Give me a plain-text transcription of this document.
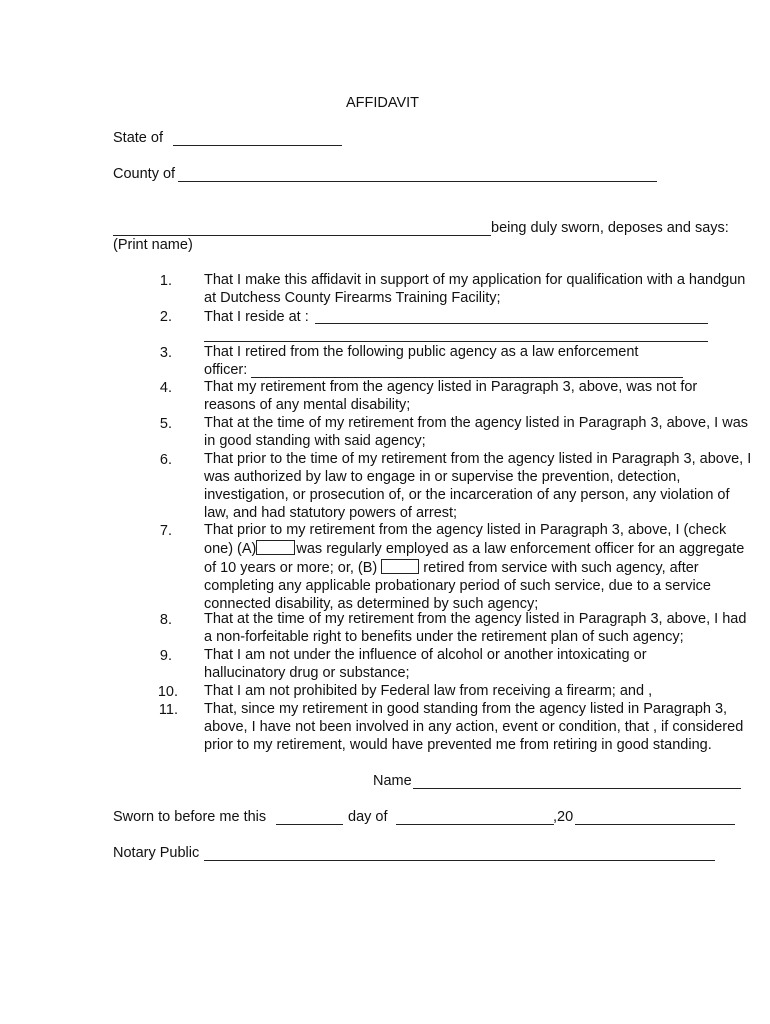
AFFIDAVIT
State of
County of
being duly sworn, deposes and says:
(Print name)
1. That I make this affidavit in support of my application for qualification with a handgun at Dutchess County Firearms Training Facility;
2. That I reside at :
3. That I retired from the following public agency as a law enforcement officer:
4. That my retirement from the agency listed in Paragraph 3, above, was not for reasons of any mental disability;
5. That at the time of my retirement from the agency listed in Paragraph 3, above, I was in good standing with said agency;
6. That prior to the time of my retirement from the agency listed in Paragraph 3, above, I was authorized by law to engage in or supervise the prevention, detection, investigation, or prosecution of, or the incarceration of any person, any violation of law, and had statutory powers of arrest;
7. That prior to my retirement from the agency listed in Paragraph 3, above, I (check one) (A)	was regularly employed as a law enforcement officer for an aggregate of 10 years or more; or, (B)	retired from service with such agency, after completing any applicable probationary period of such service, due to a service connected disability, as determined by such agency;
8. That at the time of my retirement from the agency listed in Paragraph 3, above, I had a non-forfeitable right to benefits under the retirement plan of such agency;
9. That I am not under the influence of alcohol or another intoxicating or hallucinatory drug or substance;
10. That I am not prohibited by Federal law from receiving a firearm; and ,
11. That, since my retirement in good standing from the agency listed in Paragraph 3, above, I have not been involved in any action, event or condition, that , if considered prior to my retirement, would have prevented me from retiring in good standing.
Name
Sworn to before me this	day of	,20
Notary Public
